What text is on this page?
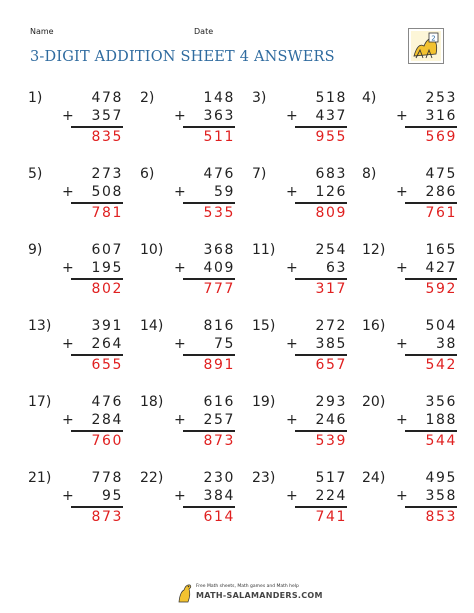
Name	Date
3-DIGIT ADDITION SHEET 4 ANSWERS
2
1)	478
+ 357
835
2)	148
+ 363
511
3)	518
+ 437
955
4)	253
+ 316
569
5)	273
+ 508
781
6)	476
+ 59
535
7)	683
+ 126
809
8)	475
+ 286
761
9)	607
+ 195
802
10)	368
+ 409
777
11)	254
+ 63
317
12)	165
+ 427
592
13)	391
+ 264
655
14)	816
+ 75
891
15)	272
+ 385
657
16)	504
+ 38
542
17)	476
+ 284
760
18)	616
+ 257
873
19)	293
+ 246
539
20)	356
+ 188
544
21)	778
+ 95
873
22)	230
+ 384
614
23)	517
+ 224
741
24)	495
+ 358
853
Free Math sheets, Math games and Math help
MATH-SALAMANDERS.COM
